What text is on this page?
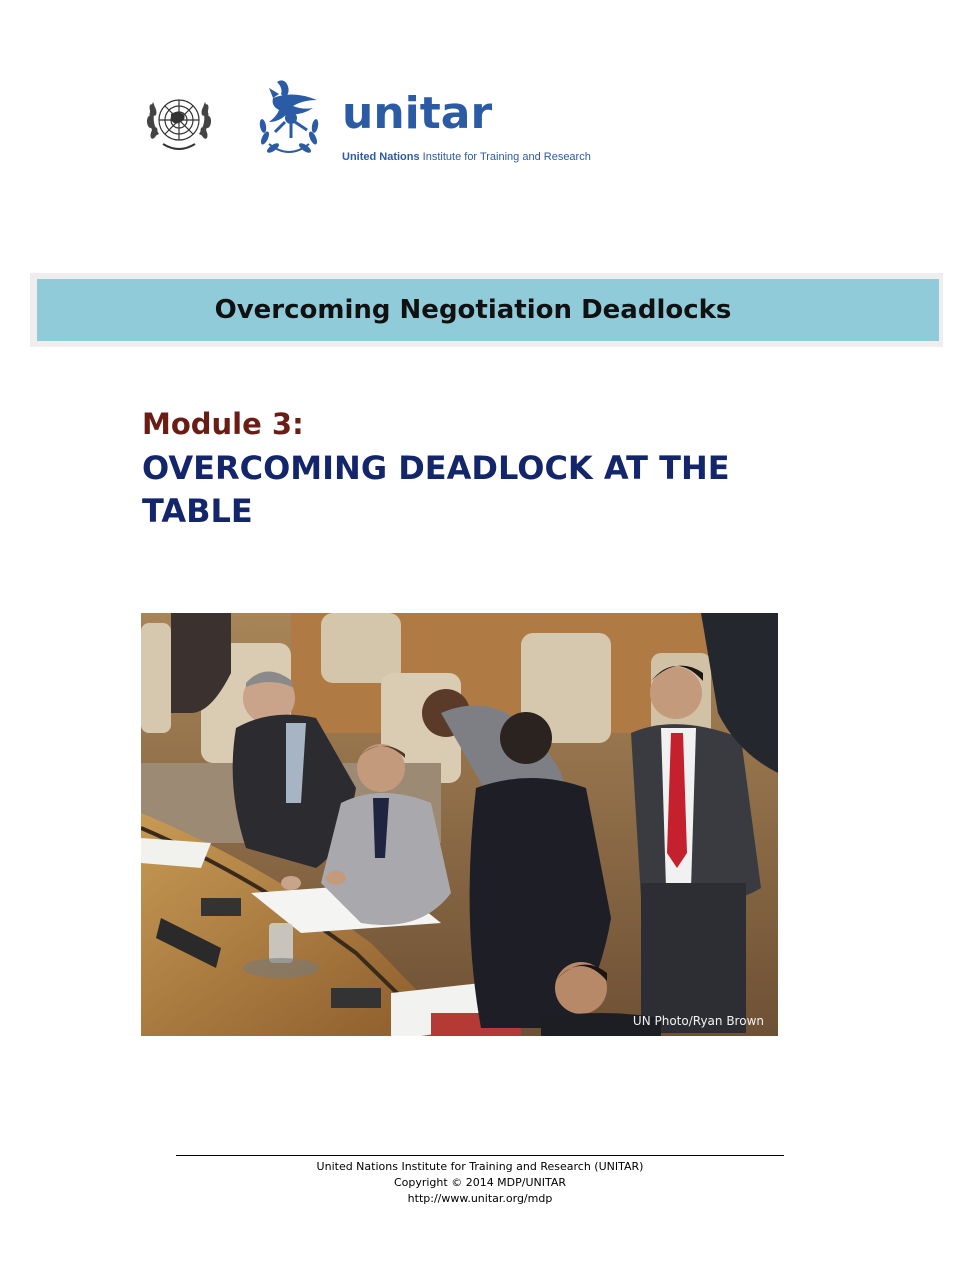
unitar
United Nations Institute for Training and Research
Overcoming Negotiation Deadlocks
Module 3:
OVERCOMING DEADLOCK AT THE TABLE
UN Photo/Ryan Brown
United Nations Institute for Training and Research (UNITAR)
Copyright © 2014 MDP/UNITAR
http://www.unitar.org/mdp
